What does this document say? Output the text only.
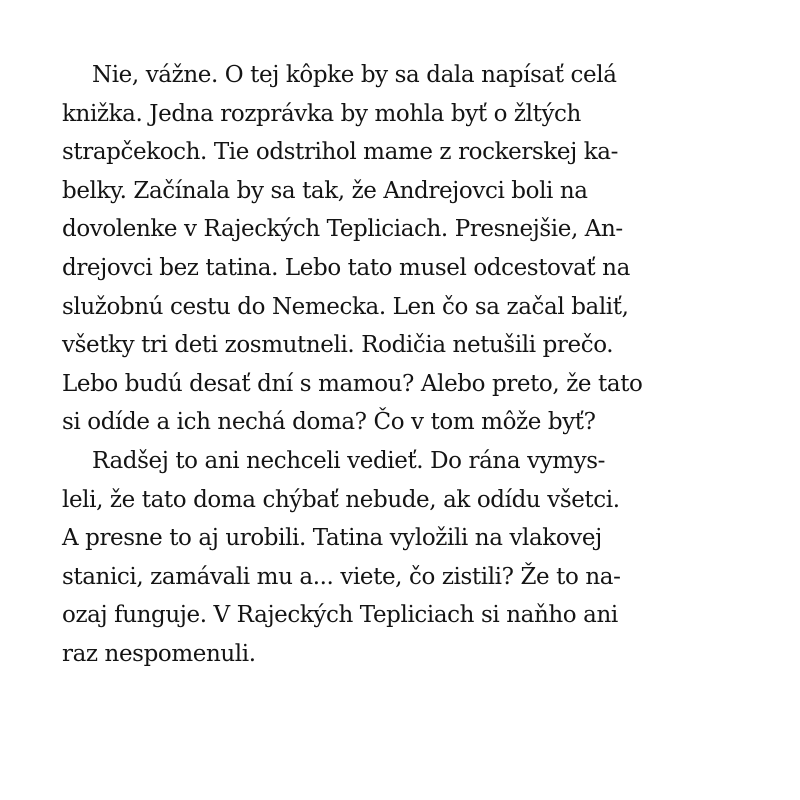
Nie, vážne. O tej kôpke by sa dala napísať celá
knižka. Jedna rozprávka by mohla byť o žltých
strapčekoch. Tie odstrihol mame z rockerskej ka-
belky. Začínala by sa tak, že Andrejovci boli na
dovolenke v Rajeckých Tepliciach. Presnejšie, An-
drejovci bez tatina. Lebo tato musel odcestovať na
služobnú cestu do Nemecka. Len čo sa začal baliť,
všetky tri deti zosmutneli. Rodičia netušili prečo.
Lebo budú desať dní s mamou? Alebo preto, že tato
si odíde a ich nechá doma? Čo v tom môže byť?

Radšej to ani nechceli vedieť. Do rána vymys-
leli, že tato doma chýbať nebude, ak odídu všetci.
A presne to aj urobili. Tatina vyložili na vlakovej
stanici, zamávali mu a... viete, čo zistili? Že to na-
ozaj funguje. V Rajeckých Tepliciach si naňho ani
raz nespomenuli.
